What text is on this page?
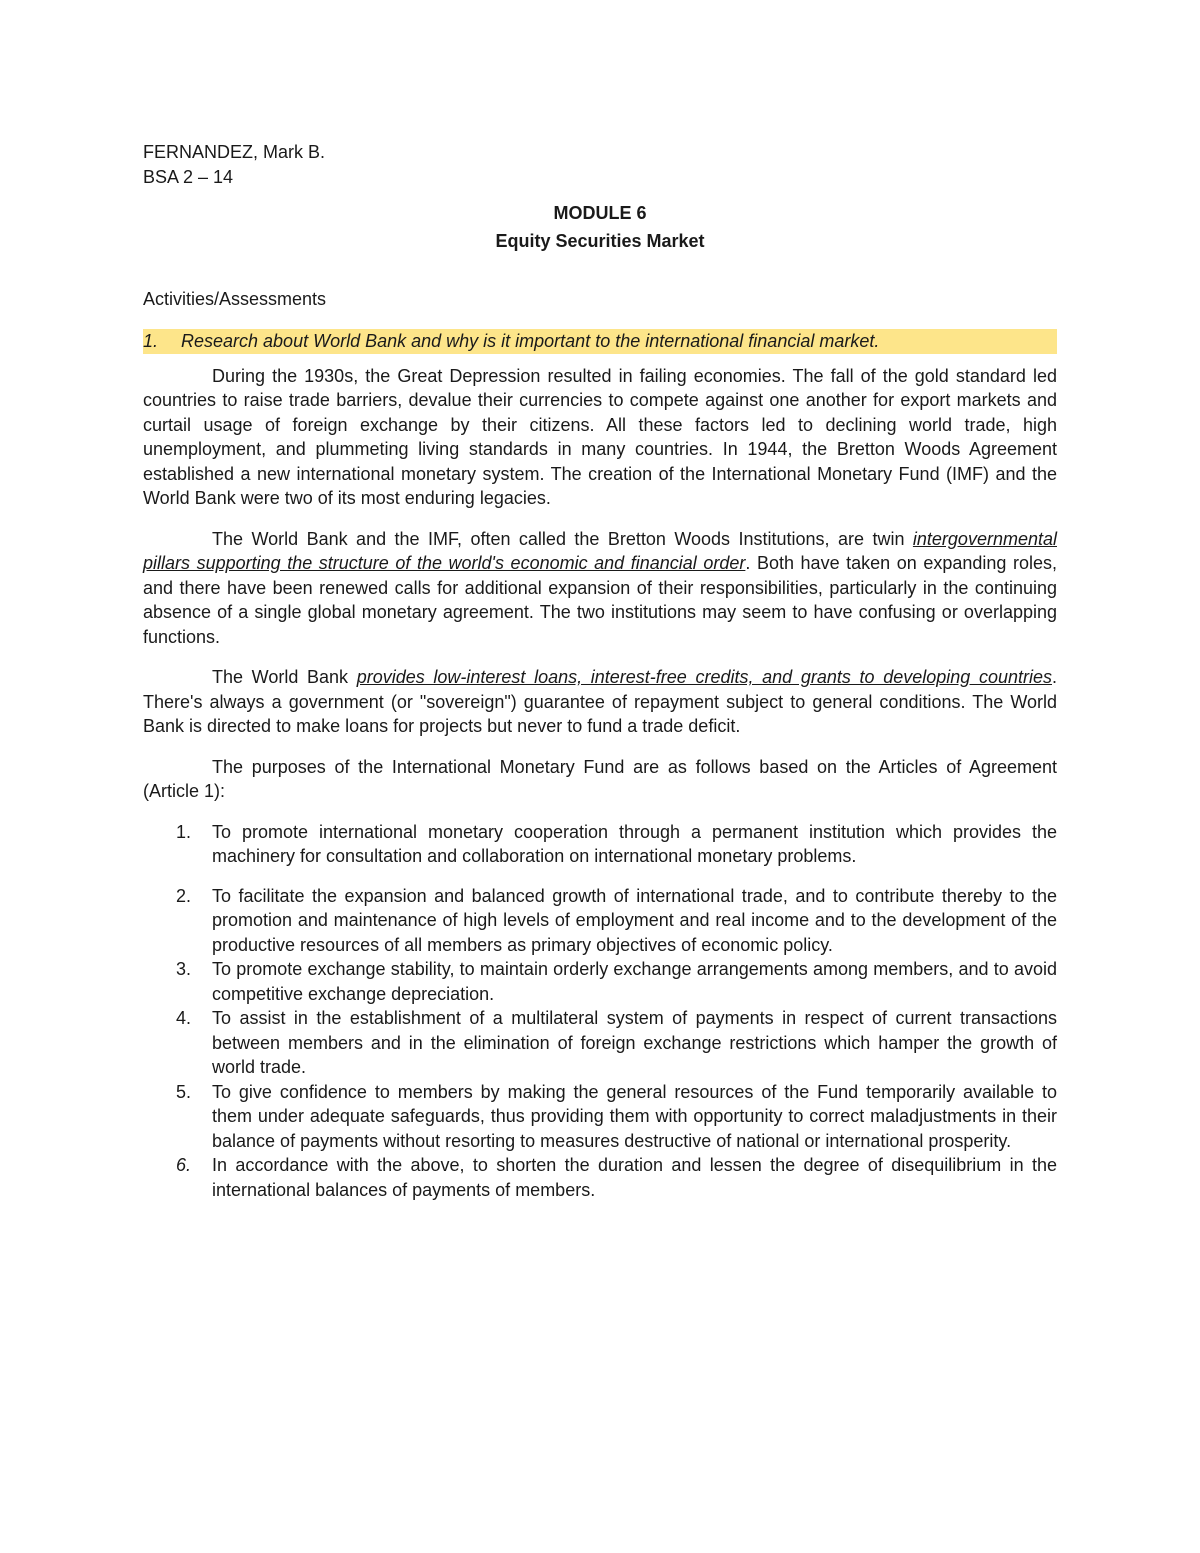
FERNANDEZ, Mark B.
BSA 2 – 14
MODULE 6
Equity Securities Market
Activities/Assessments
1. Research about World Bank and why is it important to the international financial market.

During the 1930s, the Great Depression resulted in failing economies. The fall of the gold standard led countries to raise trade barriers, devalue their currencies to compete against one another for export markets and curtail usage of foreign exchange by their citizens. All these factors led to declining world trade, high unemployment, and plummeting living standards in many countries. In 1944, the Bretton Woods Agreement established a new international monetary system. The creation of the International Monetary Fund (IMF) and the World Bank were two of its most enduring legacies.

The World Bank and the IMF, often called the Bretton Woods Institutions, are twin intergovernmental pillars supporting the structure of the world's economic and financial order. Both have taken on expanding roles, and there have been renewed calls for additional expansion of their responsibilities, particularly in the continuing absence of a single global monetary agreement. The two institutions may seem to have confusing or overlapping functions.

The World Bank provides low-interest loans, interest-free credits, and grants to developing countries. There's always a government (or "sovereign") guarantee of repayment subject to general conditions. The World Bank is directed to make loans for projects but never to fund a trade deficit.

The purposes of the International Monetary Fund are as follows based on the Articles of Agreement (Article 1):

1. To promote international monetary cooperation through a permanent institution which provides the machinery for consultation and collaboration on international monetary problems.
2. To facilitate the expansion and balanced growth of international trade, and to contribute thereby to the promotion and maintenance of high levels of employment and real income and to the development of the productive resources of all members as primary objectives of economic policy.
3. To promote exchange stability, to maintain orderly exchange arrangements among members, and to avoid competitive exchange depreciation.
4. To assist in the establishment of a multilateral system of payments in respect of current transactions between members and in the elimination of foreign exchange restrictions which hamper the growth of world trade.
5. To give confidence to members by making the general resources of the Fund temporarily available to them under adequate safeguards, thus providing them with opportunity to correct maladjustments in their balance of payments without resorting to measures destructive of national or international prosperity.
6. In accordance with the above, to shorten the duration and lessen the degree of disequilibrium in the international balances of payments of members.
